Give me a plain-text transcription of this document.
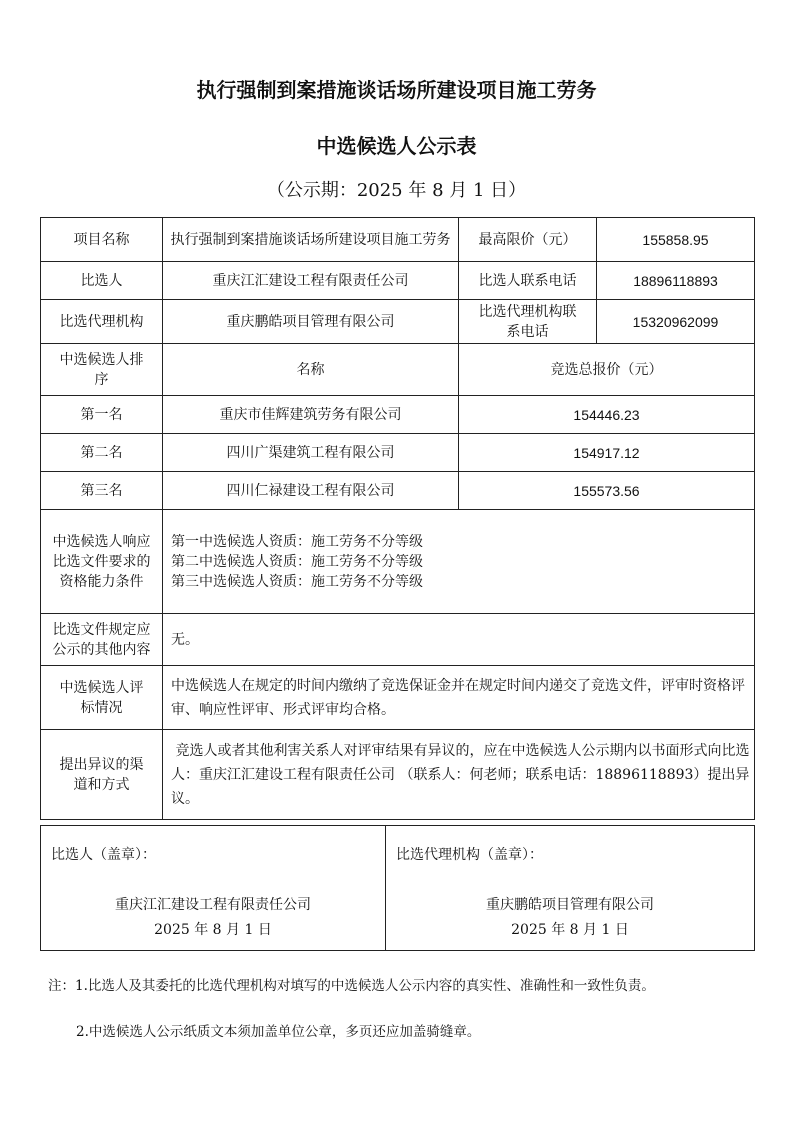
执行强制到案措施谈话场所建设项目施工劳务
中选候选人公示表
（公示期：2025 年 8 月 1 日）
项目名称	执行强制到案措施谈话场所建设项目施工劳务	最高限价（元）	155858.95
比选人	重庆江汇建设工程有限责任公司	比选人联系电话	18896118893
比选代理机构	重庆鹏皓项目管理有限公司	比选代理机构联系电话	15320962099
中选候选人排序	名称	竞选总报价（元）	
第一名	重庆市佳辉建筑劳务有限公司	154446.23	
第二名	四川广渠建筑工程有限公司	154917.12	
第三名	四川仁禄建设工程有限公司	155573.56	
中选候选人响应比选文件要求的资格能力条件	第一中选候选人资质：施工劳务不分等级
第二中选候选人资质：施工劳务不分等级
第三中选候选人资质：施工劳务不分等级		

比选文件规定应公示的其他内容	无。		
中选候选人评标情况	中选候选人在规定的时间内缴纳了竞选保证金并在规定时间内递交了竞选文件，评审时资格评审、响应性评审、形式评审均合格。		
提出异议的渠道和方式	竞选人或者其他利害关系人对评审结果有异议的，应在中选候选人公示期内以书面形式向比选人：重庆江汇建设工程有限责任公司 （联系人：何老师；联系电话：18896118893）提出异议。		
比选人（盖章）：
重庆江汇建设工程有限责任公司
2025 年 8 月 1 日

比选代理机构（盖章）：
重庆鹏皓项目管理有限公司
2025 年 8 月 1 日
注：1.比选人及其委托的比选代理机构对填写的中选候选人公示内容的真实性、准确性和一致性负责。
2.中选候选人公示纸质文本须加盖单位公章，多页还应加盖骑缝章。
